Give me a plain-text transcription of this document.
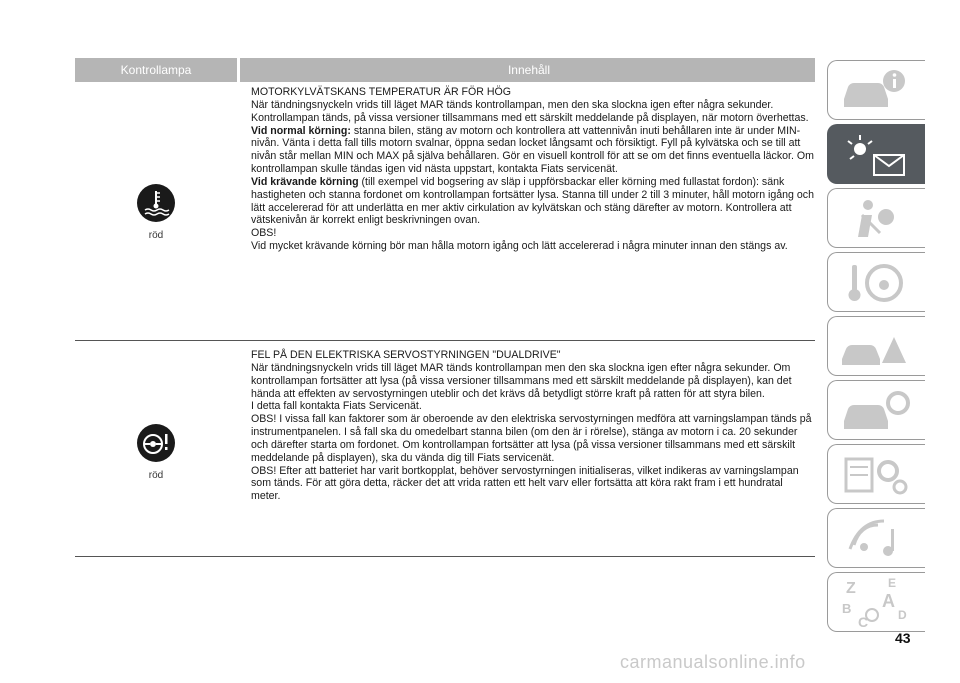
Kontrollampa	Innehåll
röd

MOTORKYLVÄTSKANS TEMPERATUR ÄR FÖR HÖG

När tändningsnyckeln vrids till läget MAR tänds kontrollampan, men den ska slockna igen efter några sekunder.

Kontrollampan tänds, på vissa versioner tillsammans med ett särskilt meddelande på displayen, när motorn överhettas.

Vid normal körning: stanna bilen, stäng av motorn och kontrollera att vattennivån inuti behållaren inte är under MIN-nivån. Vänta i detta fall tills motorn svalnar, öppna sedan locket långsamt och försiktigt. Fyll på kylvätska och se till att nivån står mellan MIN och MAX på själva behållaren. Gör en visuell kontroll för att se om det finns eventuella läckor. Om kontrollampan skulle tändas igen vid nästa uppstart, kontakta Fiats servicenät.

Vid krävande körning (till exempel vid bogsering av släp i uppförsbackar eller körning med fullastat fordon): sänk hastigheten och stanna fordonet om kontrollampan fortsätter lysa. Stanna till under 2 till 3 minuter, håll motorn igång och lätt accelererad för att underlätta en mer aktiv cirkulation av kylvätskan och stäng därefter av motorn. Kontrollera att vätskenivån är korrekt enligt beskrivningen ovan.

OBS!

Vid mycket krävande körning bör man hålla motorn igång och lätt accelererad i några minuter innan den stängs av.

röd

FEL PÅ DEN ELEKTRISKA SERVOSTYRNINGEN "DUALDRIVE"

När tändningsnyckeln vrids till läget MAR tänds kontrollampan men den ska slockna igen efter några sekunder. Om kontrollampan fortsätter att lysa (på vissa versioner tillsammans med ett särskilt meddelande på displayen), kan det hända att effekten av servostyrningen uteblir och det krävs då betydligt större kraft på ratten för att styra bilen.

I detta fall kontakta Fiats Servicenät.

OBS! I vissa fall kan faktorer som är oberoende av den elektriska servostyrningen medföra att varningslampan tänds på instrumentpanelen. I så fall ska du omedelbart stanna bilen (om den är i rörelse), stänga av motorn i ca. 20 sekunder och därefter starta om fordonet. Om kontrollampan fortsätter att lysa (på vissa versioner tillsammans med ett särskilt meddelande på displayen), ska du vända dig till Fiats servicenät.

OBS! Efter att batteriet har varit bortkopplat, behöver servostyrningen initialiseras, vilket indikeras av varningslampan som tänds. För att göra detta, räcker det att vrida ratten ett helt varv eller fortsätta att köra rakt fram i ett hundratal meter.

Z	E
A
B
C D
43
carmanualsonline.info
